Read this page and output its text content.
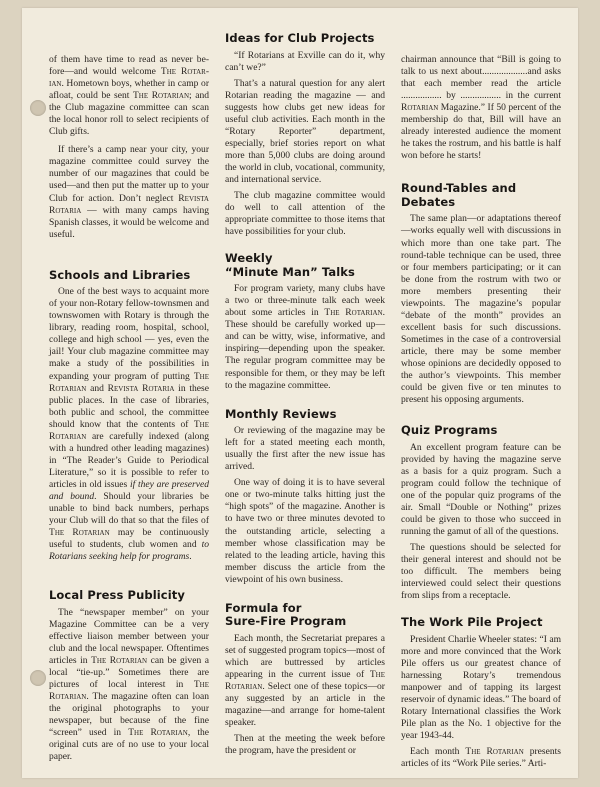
of them have time to read as never be-fore—and would welcome The Rotar-ian. Hometown boys, whether in camp or afloat, could be sent The Rotarian; and the Club magazine committee can scan the local honor roll to select recipients of Club gifts.

If there’s a camp near your city, your magazine committee could survey the number of our magazines that could be used—and then put the matter up to your Club for action. Don’t neglect Revista Rotaria — with many camps having Spanish classes, it would be welcome and useful.

Schools and Libraries

One of the best ways to acquaint more of your non-Rotary fellow-townsmen and townswomen with Rotary is through the library, reading room, hospital, school, college and high school — yes, even the jail! Your club magazine committee may make a study of the possibilities in expanding your program of putting The Rotarian and Revista Rotaria in these public places. In the case of libraries, both public and school, the committee should know that the contents of The Rotarian are carefully indexed (along with a hundred other leading magazines) in “The Reader’s Guide to Periodical Literature,” so it is possible to refer to articles in old issues if they are preserved and bound. Should your libraries be unable to bind back numbers, perhaps your Club will do that so that the files of The Rotarian may be continuously useful to students, club women and to Rotarians seeking help for programs.

Local Press Publicity

The “newspaper member” on your Magazine Committee can be a very effective liaison member between your club and the local newspaper. Oftentimes articles in The Rotarian can be given a local “tie-up.” Sometimes there are pictures of local interest in The Rotarian. The magazine often can loan the original photographs to your newspaper, but because of the fine “screen” used in The Rotarian, the original cuts are of no use to your local paper.

Ideas for Club Projects

“If Rotarians at Exville can do it, why can’t we?”

That’s a natural question for any alert Rotarian reading the magazine — and suggests how clubs get new ideas for useful club activities. Each month in the “Rotary Reporter” department, especially, brief stories report on what more than 5,000 clubs are doing around the world in club, vocational, community, and international service.

The club magazine committee would do well to call attention of the appropriate committee to those items that have possibilities for your club.

Weekly
“Minute Man” Talks

For program variety, many clubs have a two or three-minute talk each week about some articles in The Rotarian. These should be carefully worked up—and can be witty, wise, informative, and inspiring—depending upon the speaker. The regular program committee may be responsible for them, or they may be left to the magazine committee.

Monthly Reviews

Or reviewing of the magazine may be left for a stated meeting each month, usually the first after the new issue has arrived.

One way of doing it is to have several one or two-minute talks hitting just the “high spots” of the magazine. Another is to have two or three minutes devoted to the outstanding article, selecting a member whose classification may be related to the leading article, having this member discuss the article from the viewpoint of his own business.

Formula for
Sure-Fire Program

Each month, the Secretariat prepares a set of suggested program topics—most of which are buttressed by articles appearing in the current issue of The Rotarian. Select one of these topics—or any suggested by an article in the magazine—and arrange for home-talent speaker.

Then at the meeting the week before the program, have the president or

chairman announce that “Bill is going to talk to us next about...................and asks that each member read the article ................. by ................. in the current Rotarian Magazine.” If 50 percent of the membership do that, Bill will have an already interested audience the moment he takes the rostrum, and his battle is half won before he starts!

Round-Tables and Debates

The same plan—or adaptations thereof—works equally well with discussions in which more than one take part. The round-table technique can be used, three or four members participating; or it can be done from the rostrum with two or more members presenting their viewpoints. The magazine’s popular “debate of the month” provides an excellent basis for such discussions. Sometimes in the case of a controversial article, there may be some member whose opinions are decidedly opposed to the author’s viewpoints. This member could be given five or ten minutes to present his opposing arguments.

Quiz Programs

An excellent program feature can be provided by having the magazine serve as a basis for a quiz program. Such a program could follow the technique of one of the popular quiz programs of the air. Small “Double or Nothing” prizes could be given to those who succeed in running the gamut of all of the questions.

The questions should be selected for their general interest and should not be too difficult. The members being interviewed could select their questions from slips from a receptacle.

The Work Pile Project

President Charlie Wheeler states: “I am more and more convinced that the Work Pile offers us our greatest chance of harnessing Rotary’s tremendous manpower and of tapping its largest reservoir of dynamic ideas.” The board of Rotary International classifies the Work Pile plan as the No. 1 objective for the year 1943-44.

Each month The Rotarian presents articles of its “Work Pile series.” Arti-
